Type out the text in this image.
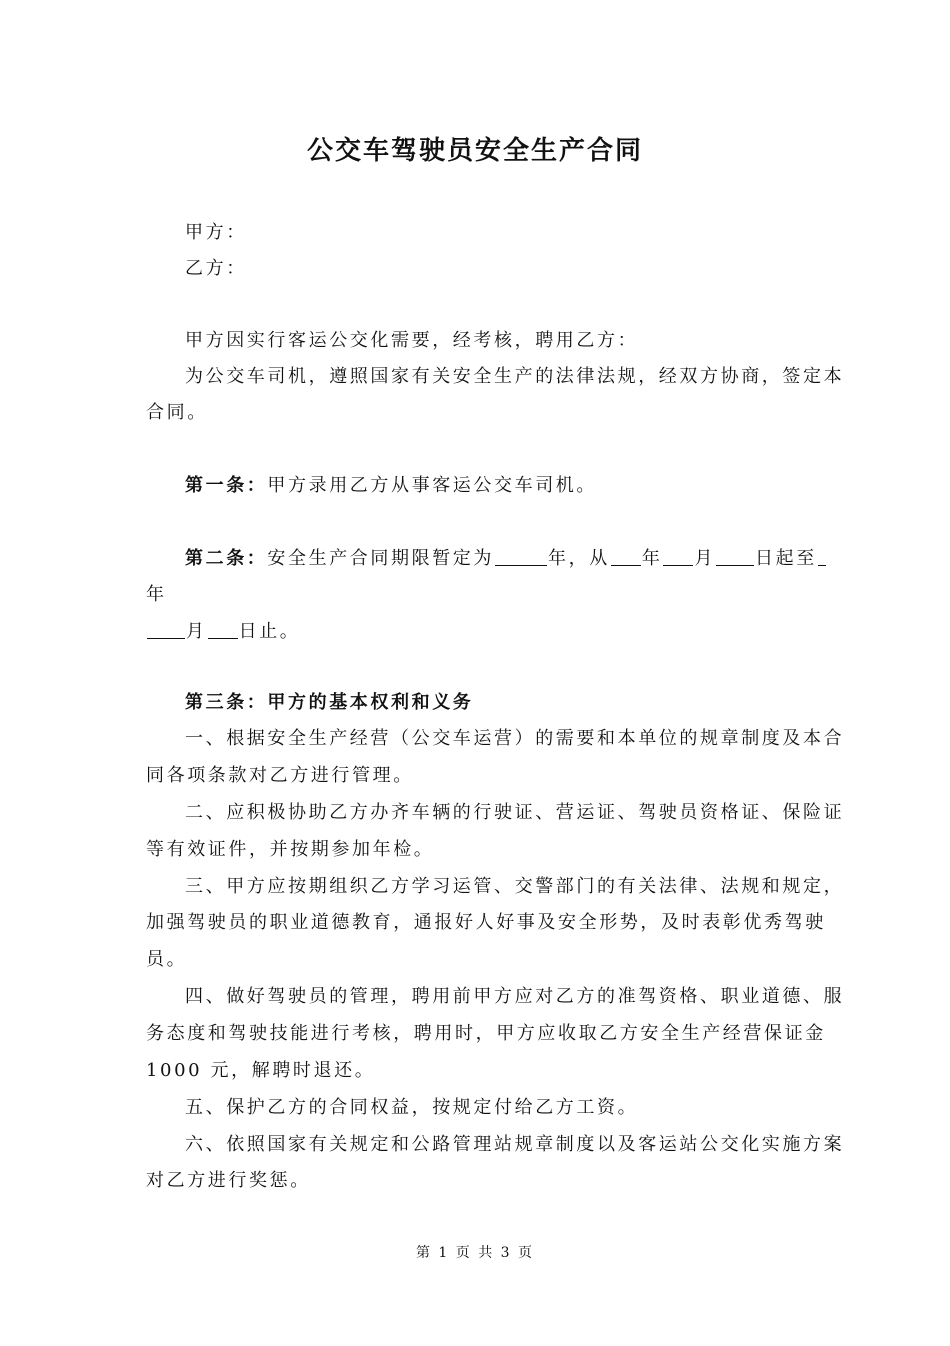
公交车驾驶员安全生产合同
甲方：
乙方：
甲方因实行客运公交化需要，经考核，聘用乙方：
为公交车司机，遵照国家有关安全生产的法律法规，经双方协商，签定本
合同。
第一条：甲方录用乙方从事客运公交车司机。
第二条：安全生产合同期限暂定为	年，从 年 月 日起至
年
月 日止。
第三条：甲方的基本权利和义务
一、根据安全生产经营（公交车运营）的需要和本单位的规章制度及本合
同各项条款对乙方进行管理。
二、应积极协助乙方办齐车辆的行驶证、营运证、驾驶员资格证、保险证
等有效证件，并按期参加年检。
三、甲方应按期组织乙方学习运管、交警部门的有关法律、法规和规定，
加强驾驶员的职业道德教育，通报好人好事及安全形势，及时表彰优秀驾驶
员。
四、做好驾驶员的管理，聘用前甲方应对乙方的准驾资格、职业道德、服
务态度和驾驶技能进行考核，聘用时，甲方应收取乙方安全生产经营保证金
1000 元，解聘时退还。
五、保护乙方的合同权益，按规定付给乙方工资。
六、依照国家有关规定和公路管理站规章制度以及客运站公交化实施方案
对乙方进行奖惩。
第 1 页 共 3 页
